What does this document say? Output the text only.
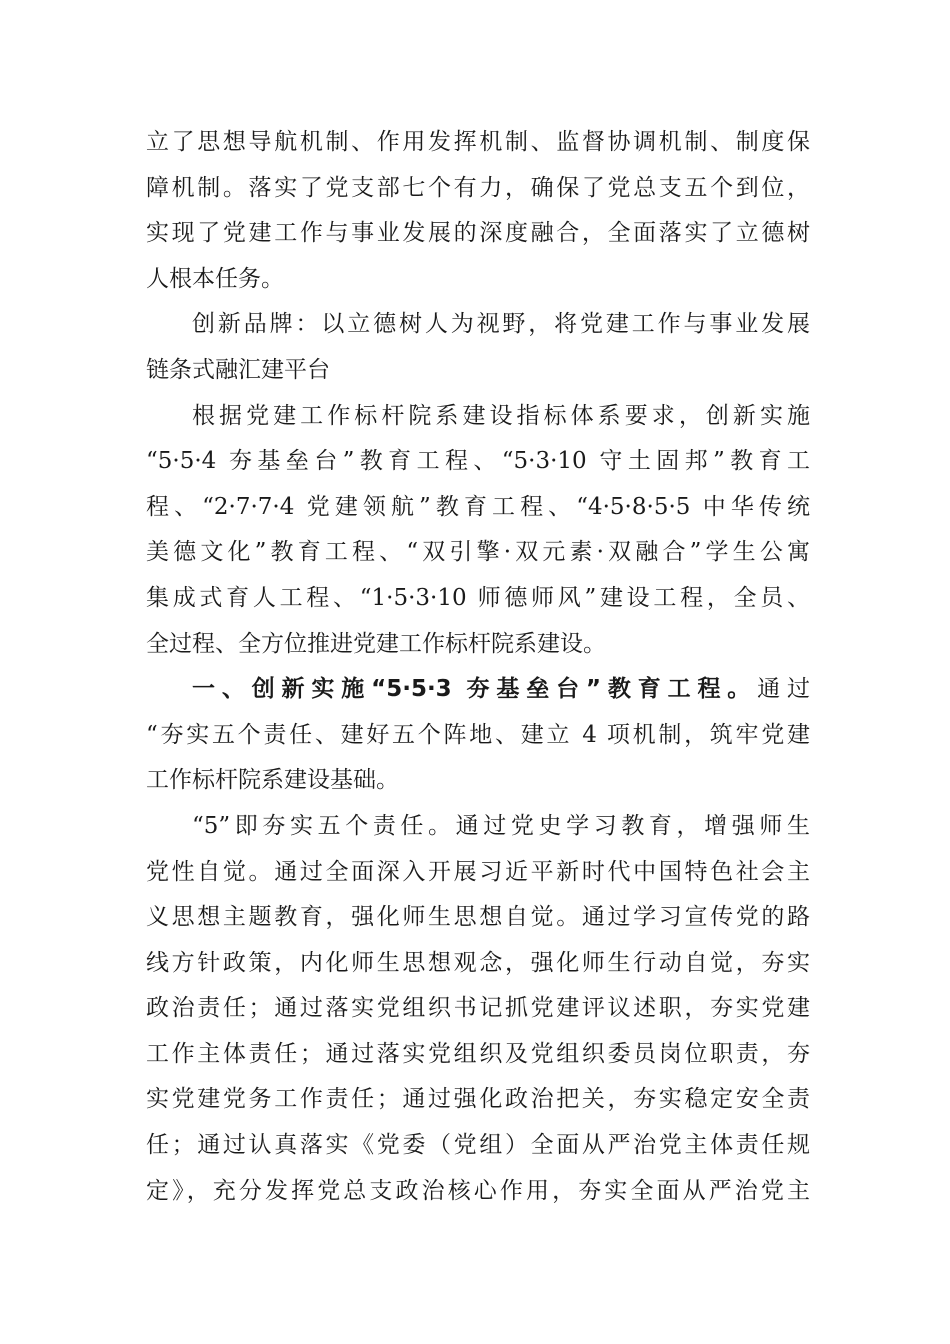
立了思想导航机制、作用发挥机制、监督协调机制、制度保
障机制。落实了党支部七个有力，确保了党总支五个到位，
实现了党建工作与事业发展的深度融合，全面落实了立德树
人根本任务。
创新品牌：以立德树人为视野，将党建工作与事业发展
链条式融汇建平台
根据党建工作标杆院系建设指标体系要求，创新实施
“5·5·4 夯基垒台”教育工程、“5·3·10 守土固邦”教育工
程、“2·7·7·4 党建领航”教育工程、“4·5·8·5·5 中华传统
美德文化”教育工程、“双引擎·双元素·双融合”学生公寓
集成式育人工程、“1·5·3·10 师德师风”建设工程，全员、
全过程、全方位推进党建工作标杆院系建设。
一、创新实施“5·5·3 夯基垒台”教育工程。通过
“夯实五个责任、建好五个阵地、建立 4 项机制，筑牢党建
工作标杆院系建设基础。
“5”即夯实五个责任。通过党史学习教育，增强师生
党性自觉。通过全面深入开展习近平新时代中国特色社会主
义思想主题教育，强化师生思想自觉。通过学习宣传党的路
线方针政策，内化师生思想观念，强化师生行动自觉，夯实
政治责任；通过落实党组织书记抓党建评议述职，夯实党建
工作主体责任；通过落实党组织及党组织委员岗位职责，夯
实党建党务工作责任；通过强化政治把关，夯实稳定安全责
任；通过认真落实《党委（党组）全面从严治党主体责任规
定》，充分发挥党总支政治核心作用，夯实全面从严治党主
